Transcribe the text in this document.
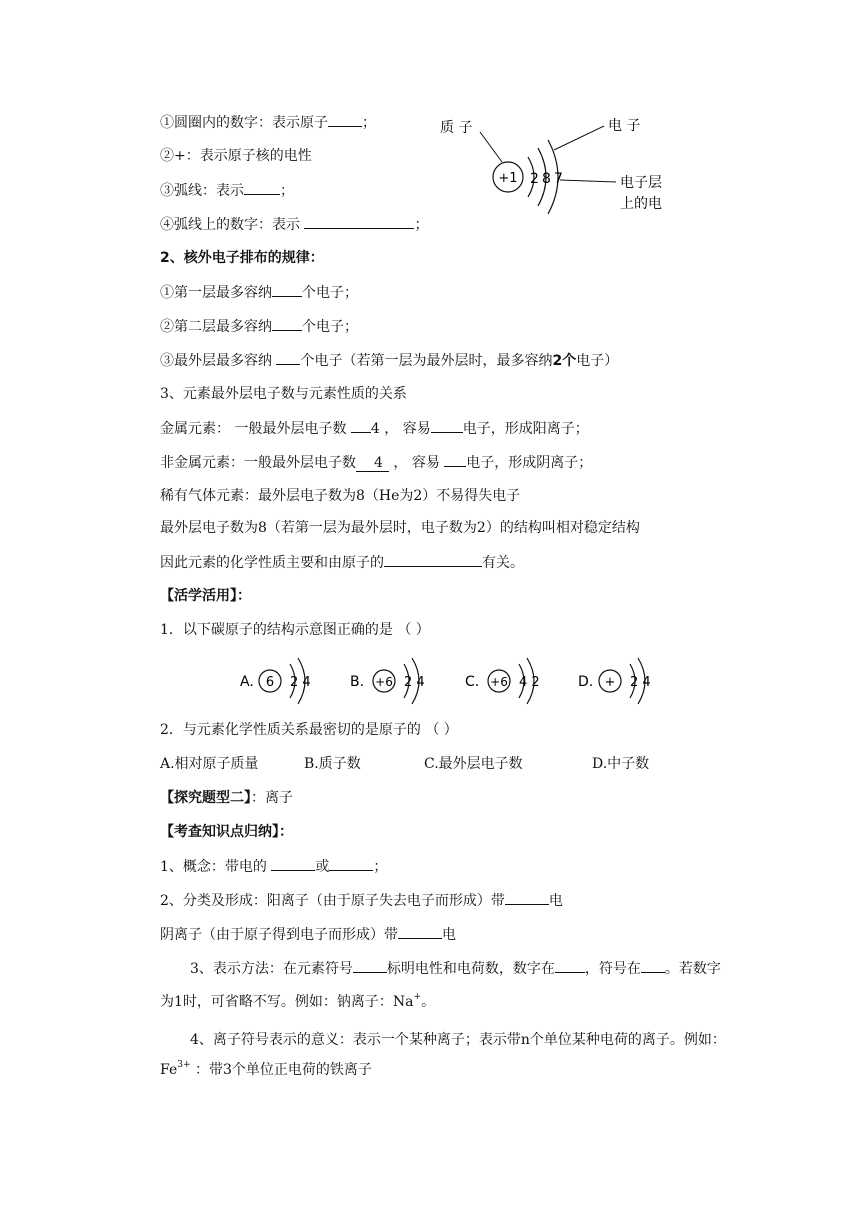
①圆圈内的数字：表示原子 ；
②+：表示原子核的电性
③弧线：表示	；
④弧线上的数字：表示	；
质 子	电 子
电子层
上的电
+1 2 8 7
2、核外电子排布的规律：
①第一层最多容纳 个电子；
②第二层最多容纳 个电子；
③最外层最多容纳 个电子（若第一层为最外层时，最多容纳2个电子）
3、元素最外层电子数与元素性质的关系
金属元素： 一般最外层电子数 4 ， 容易 电子，形成阳离子；
非金属元素：一般最外层电子数 4 ， 容易 电子，形成阴离子；
稀有气体元素：最外层电子数为8（He为2）不易得失电子
最外层电子数为8（若第一层为最外层时，电子数为2）的结构叫相对稳定结构
因此元素的化学性质主要和由原子的	有关。
【活学活用】：
1．以下碳原子的结构示意图正确的是 （ ）
A. 6 2 4	B. +6 2 4	C. +6 4 2	D. + 2 4
2．与元素化学性质关系最密切的是原子的 （ ）
A.相对原子质量	B.质子数	C.最外层电子数	D.中子数
【探究题型二】：离子
【考查知识点归纳】：
1、概念：带电的	或	；
2、分类及形成：阳离子（由于原子失去电子而形成）带	电
阴离子（由于原子得到电子而形成）带	电
3、表示方法：在元素符号 标明电性和电荷数，数字在 ，符号在 。若数字
为1时，可省略不写。例如：钠离子：Na+。
4、离子符号表示的意义：表示一个某种离子；表示带n个单位某种电荷的离子。例如：
$Fe^{3+}$ ：带3个单位正电荷的铁离子
